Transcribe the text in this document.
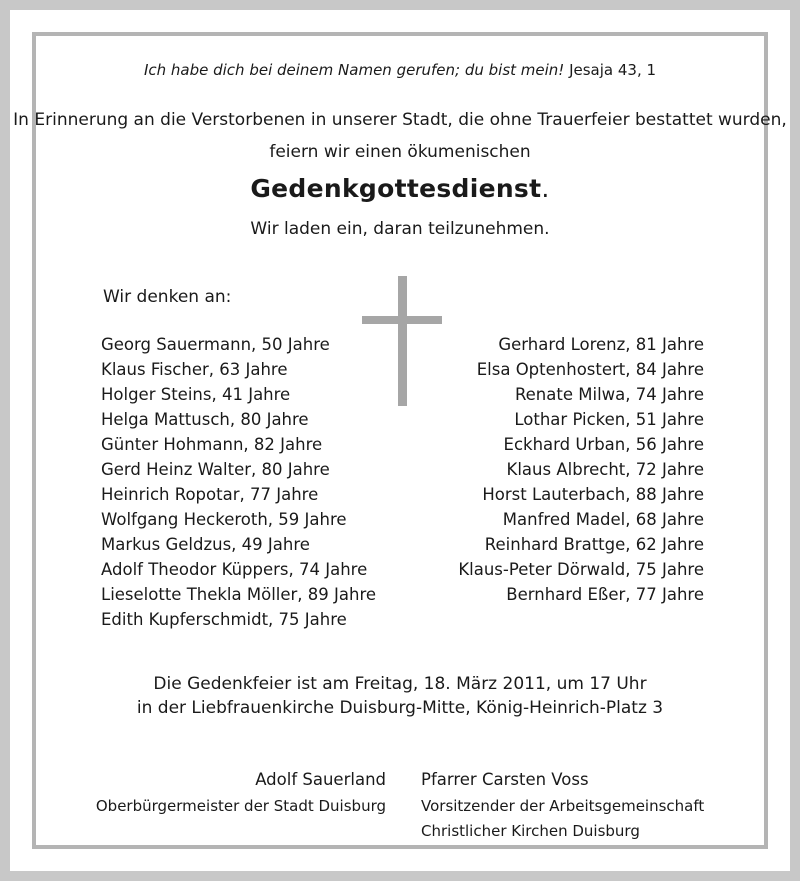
Ich habe dich bei deinem Namen gerufen; du bist mein! Jesaja 43, 1
In Erinnerung an die Verstorbenen in unserer Stadt, die ohne Trauerfeier bestattet wurden,
feiern wir einen ökumenischen
Gedenkgottesdienst.
Wir laden ein, daran teilzunehmen.
Wir denken an:
Georg Sauermann, 50 Jahre
Klaus Fischer, 63 Jahre
Holger Steins, 41 Jahre
Helga Mattusch, 80 Jahre
Günter Hohmann, 82 Jahre
Gerd Heinz Walter, 80 Jahre
Heinrich Ropotar, 77 Jahre
Wolfgang Heckeroth, 59 Jahre
Markus Geldzus, 49 Jahre
Adolf Theodor Küppers, 74 Jahre
Lieselotte Thekla Möller, 89 Jahre
Edith Kupferschmidt, 75 Jahre
Gerhard Lorenz, 81 Jahre
Elsa Optenhostert, 84 Jahre
Renate Milwa, 74 Jahre
Lothar Picken, 51 Jahre
Eckhard Urban, 56 Jahre
Klaus Albrecht, 72 Jahre
Horst Lauterbach, 88 Jahre
Manfred Madel, 68 Jahre
Reinhard Brattge, 62 Jahre
Klaus-Peter Dörwald, 75 Jahre
Bernhard Eßer, 77 Jahre
Die Gedenkfeier ist am Freitag, 18. März 2011, um 17 Uhr
in der Liebfrauenkirche Duisburg-Mitte, König-Heinrich-Platz 3
Adolf Sauerland
Oberbürgermeister der Stadt Duisburg
Pfarrer Carsten Voss
Vorsitzender der Arbeitsgemeinschaft
Christlicher Kirchen Duisburg
